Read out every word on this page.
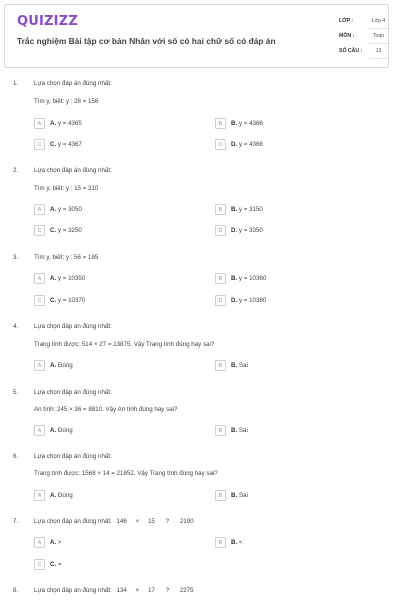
QUIZIZZ
Trắc nghiệm Bài tập cơ bản Nhân với số có hai chữ số có đáp án
LỚP :	Lớp 4
MÔN :	Toán
SỐ CÂU :	13
1.	Lựa chọn đáp án đúng nhất:
Tìm y, biết: y : 28 = 156
A	A. y = 4365	B	B. y = 4366
C	C. y = 4367	D	D. y = 4368
2.	Lựa chọn đáp án đúng nhất:
Tìm y, biết: y : 15 = 210
A	A. y = 3050	B	B. y = 3150
C	C. y = 3250	D	D. y = 3350
3.	Tìm y, biết: y : 56 = 185
A	A. y = 10350	B	B. y = 10360
C	C. y = 10370	D	D. y = 10380
4.	Lựa chọn đáp án đúng nhất:
Trang tính được: 514 × 27 = 13875. Vậy Trang tính đúng hay sai?
A	A. Đúng	B	B. Sai
5.	Lựa chọn đáp án đúng nhất:
An tính: 245 × 36 = 8810. Vậy An tính đúng hay sai?
A	A. Đúng	B	B. Sai
6.	Lựa chọn đáp án đúng nhất:
Trang tính được: 1568 × 14 = 21852. Vậy Trang tính đúng hay sai?
A	A. Đúng	B	B. Sai
7.	Lựa chọn đáp án đúng nhất: 146 × 15 ? 2190
A	A. >	B	B. <
C	C. =
8.	Lựa chọn đáp án đúng nhất: 134 × 17 ? 2275
